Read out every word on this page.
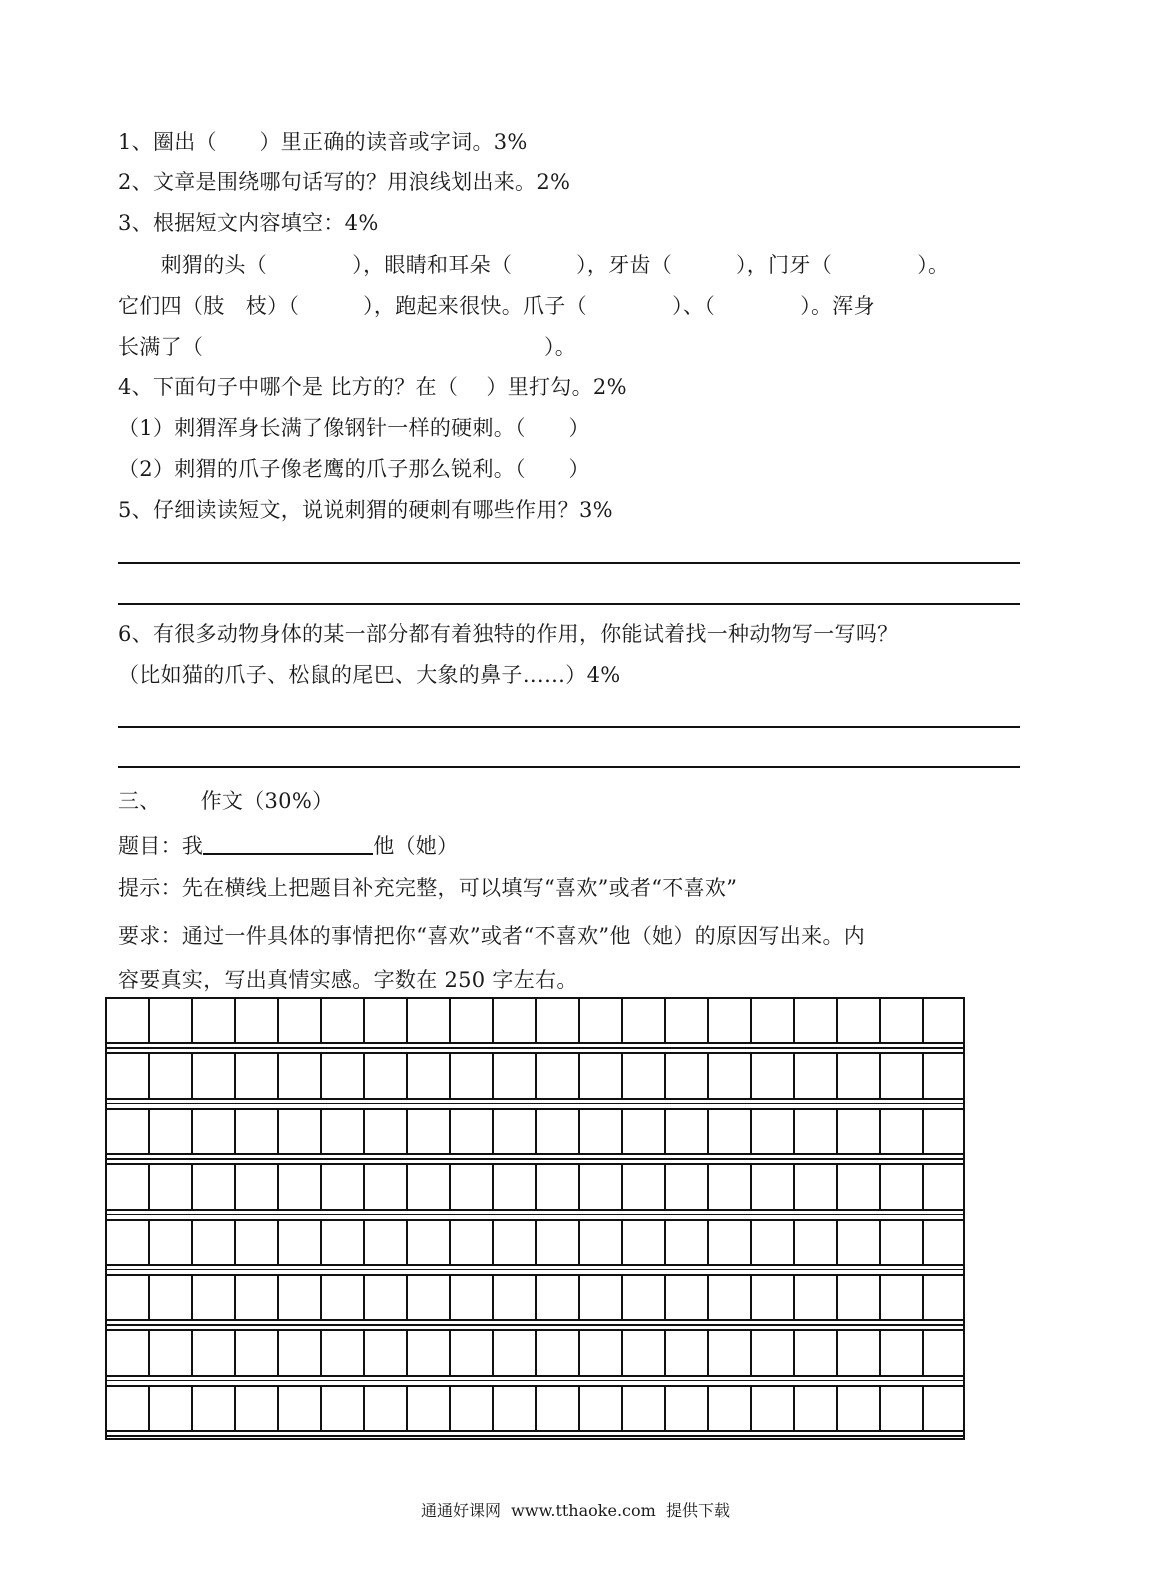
1、圈出（　　）里正确的读音或字词。3%
2、文章是围绕哪句话写的？用浪线划出来。2%
3、根据短文内容填空：4%
　　刺猬的头（　　　　），眼睛和耳朵（　　　），牙齿（　　　），门牙（　　　　）。
它们四（肢　枝）（　　　），跑起来很快。爪子（　　　　）、（　　　　）。浑身
长满了（　　　　　　　　　　　　　　　　）。
4、下面句子中哪个是 比方的？在（　 ）里打勾。2%
（1）刺猬浑身长满了像钢针一样的硬刺。（　　）
（2）刺猬的爪子像老鹰的爪子那么锐利。（　　）
5、仔细读读短文，说说刺猬的硬刺有哪些作用？3%
6、有很多动物身体的某一部分都有着独特的作用，你能试着找一种动物写一写吗？
（比如猫的爪子、松鼠的尾巴、大象的鼻子……）4%
三、 作文（30%）
题目：我	他（她）
提示：先在横线上把题目补充完整，可以填写“喜欢”或者“不喜欢”
要求：通过一件具体的事情把你“喜欢”或者“不喜欢”他（她）的原因写出来。内
容要真实，写出真情实感。字数在 250 字左右。
通通好课网  www.tthaoke.com  提供下载
